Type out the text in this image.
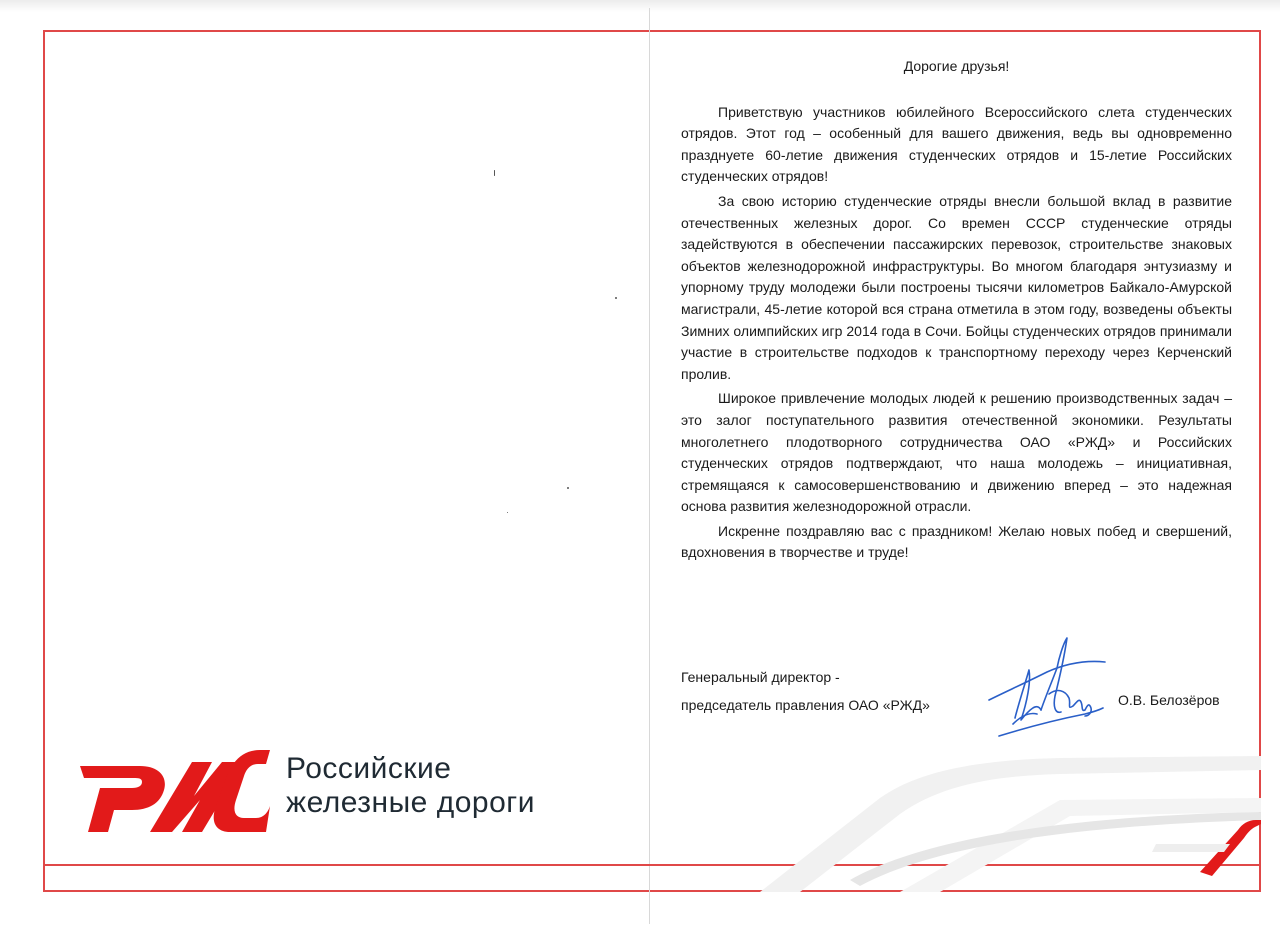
Дорогие друзья!

Приветствую участников юбилейного Всероссийского слета студенческих отрядов. Этот год – особенный для вашего движения, ведь вы одновременно празднуете 60-летие движения студенческих отрядов и 15-летие Российских студенческих отрядов!

За свою историю студенческие отряды внесли большой вклад в развитие отечественных железных дорог. Со времен СССР студенческие отряды задействуются в обеспечении пассажирских перевозок, строительстве знаковых объектов железнодорожной инфраструктуры. Во многом благодаря энтузиазму и упорному труду молодежи были построены тысячи километров Байкало-Амурской магистрали, 45-летие которой вся страна отметила в этом году, возведены объекты Зимних олимпийских игр 2014 года в Сочи. Бойцы студенческих отрядов принимали участие в строительстве подходов к транспортному переходу через Керченский пролив.

Широкое привлечение молодых людей к решению производственных задач – это залог поступательного развития отечественной экономики. Результаты многолетнего плодотворного сотрудничества ОАО «РЖД» и Российских студенческих отрядов подтверждают, что наша молодежь – инициативная, стремящаяся к самосовершенствованию и движению вперед – это надежная основа развития железнодорожной отрасли.

Искренне поздравляю вас с праздником! Желаю новых побед и свершений, вдохновения в творчестве и труде!

Генеральный директор -
председатель правления ОАО «РЖД»	О.В. Белозёров
Российские
железные дороги
